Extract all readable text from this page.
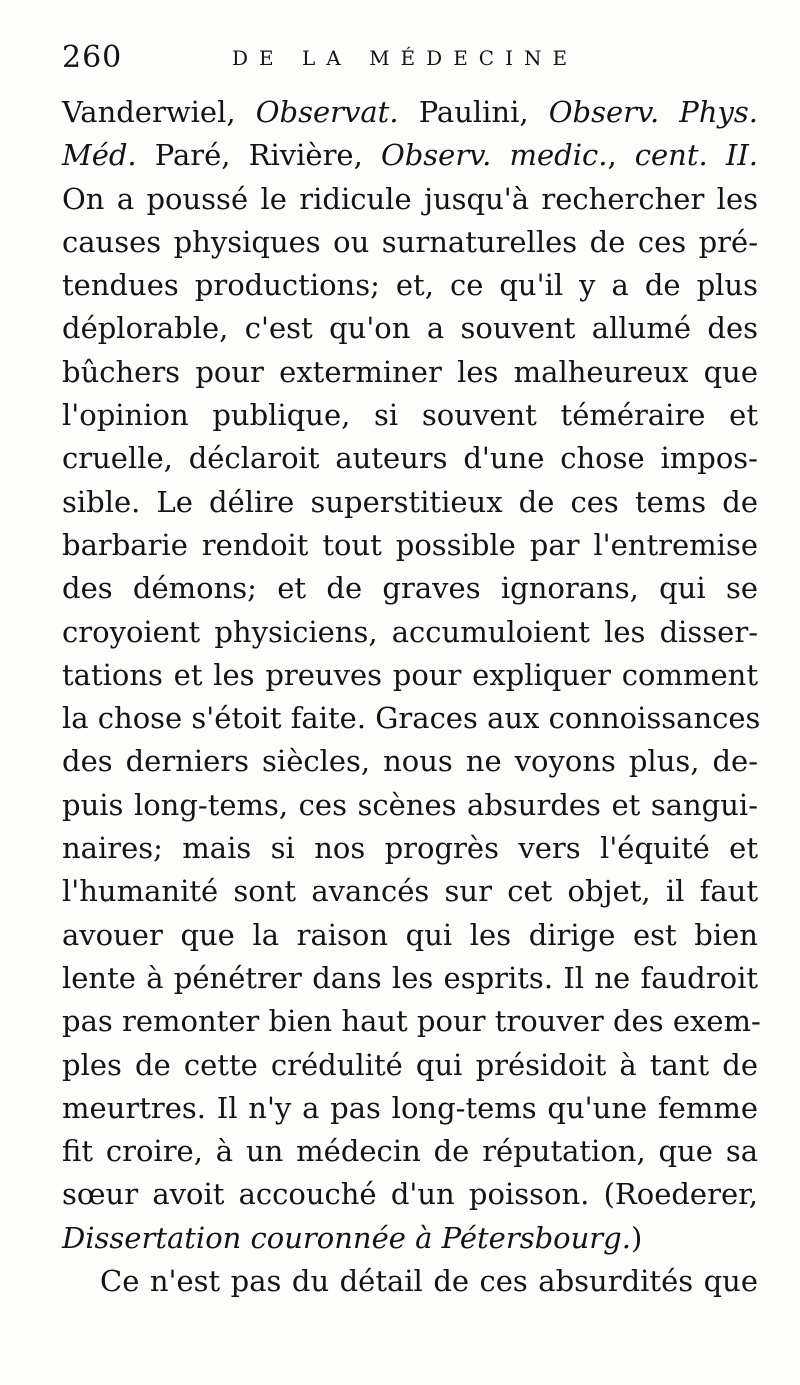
260	DE LA MÉDECINE
Vanderwiel, Observat. Paulini, Observ. Phys.
Méd. Paré, Rivière, Observ. medic., cent. II.
On a poussé le ridicule jusqu'à rechercher les
causes physiques ou surnaturelles de ces pré-
tendues productions; et, ce qu'il y a de plus
déplorable, c'est qu'on a souvent allumé des
bûchers pour exterminer les malheureux que
l'opinion publique, si souvent téméraire et
cruelle, déclaroit auteurs d'une chose impos-
sible. Le délire superstitieux de ces tems de
barbarie rendoit tout possible par l'entremise
des démons; et de graves ignorans, qui se
croyoient physiciens, accumuloient les disser-
tations et les preuves pour expliquer comment
la chose s'étoit faite. Graces aux connoissances
des derniers siècles, nous ne voyons plus, de-
puis long-tems, ces scènes absurdes et sangui-
naires; mais si nos progrès vers l'équité et
l'humanité sont avancés sur cet objet, il faut
avouer que la raison qui les dirige est bien
lente à pénétrer dans les esprits. Il ne faudroit
pas remonter bien haut pour trouver des exem-
ples de cette crédulité qui présidoit à tant de
meurtres. Il n'y a pas long-tems qu'une femme
fit croire, à un médecin de réputation, que sa
sœur avoit accouché d'un poisson. (Roederer,
Dissertation couronnée à Pétersbourg.)
Ce n'est pas du détail de ces absurdités que
